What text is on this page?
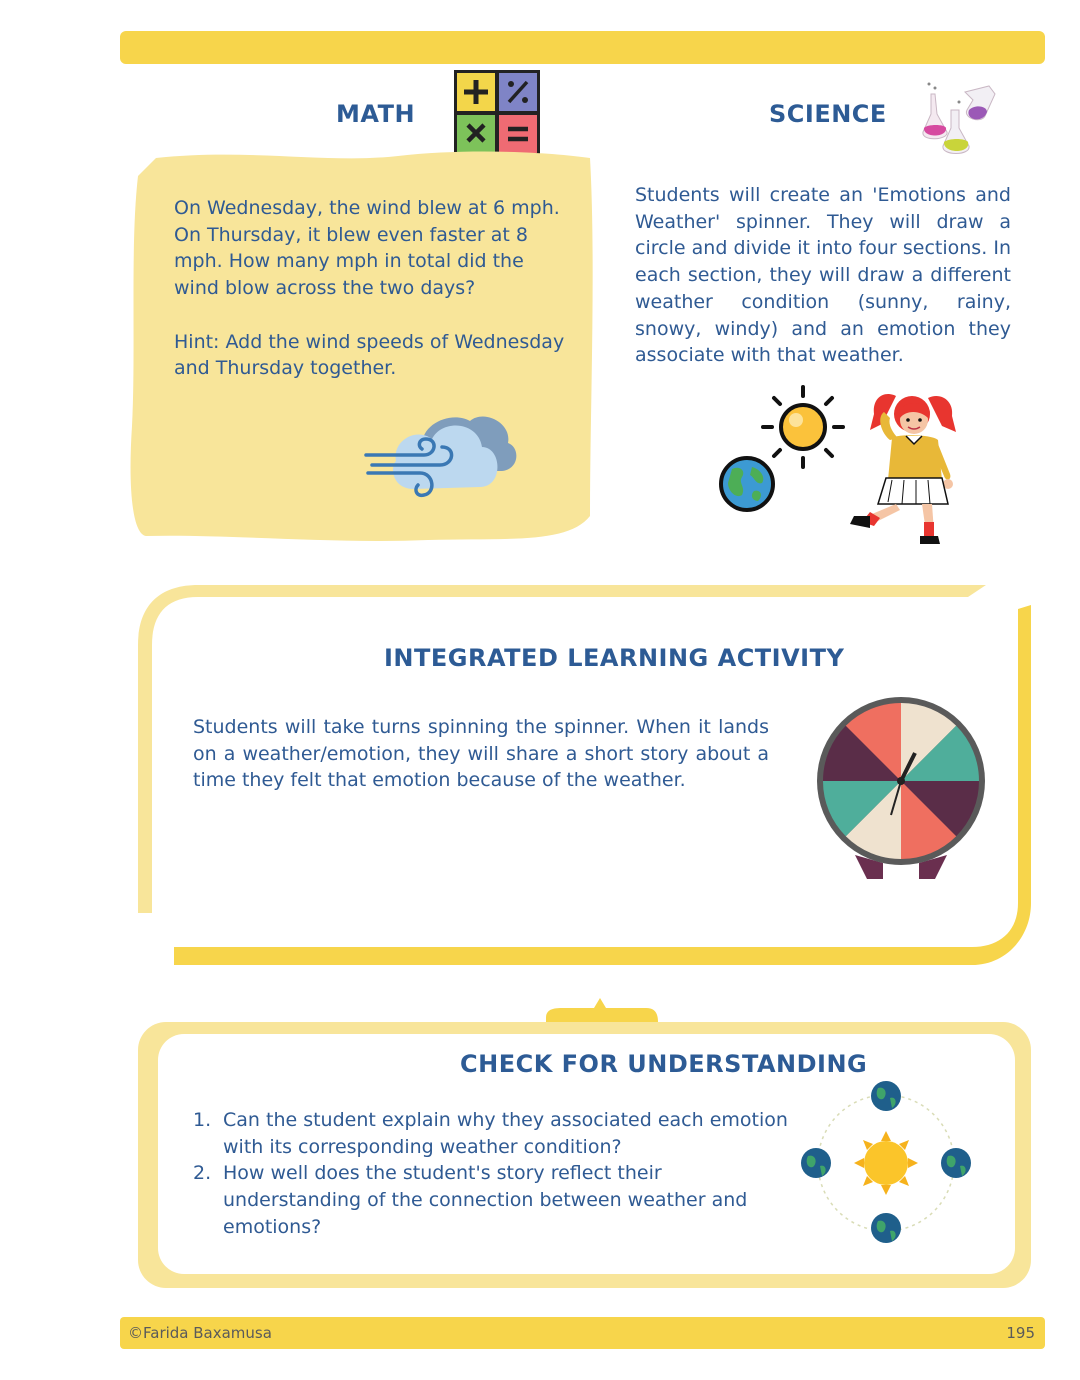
MATH

On Wednesday, the wind blew at 6 mph. On Thursday, it blew even faster at 8 mph. How many mph in total did the wind blow across the two days?

Hint: Add the wind speeds of Wednesday and Thursday together.

SCIENCE
Students will create an 'Emotions and Weather' spinner. They will draw a circle and divide it into four sections. In each section, they will draw a different weather condition (sunny, rainy, snowy, windy) and an emotion they associate with that weather.
INTEGRATED LEARNING ACTIVITY
Students will take turns spinning the spinner. When it lands on a weather/emotion, they will share a short story about a time they felt that emotion because of the weather.
CHECK FOR UNDERSTANDING
1. Can the student explain why they associated each emotion with its corresponding weather condition?
2. How well does the student's story reflect their understanding of the connection between weather and emotions?
©Farida Baxamusa	195
